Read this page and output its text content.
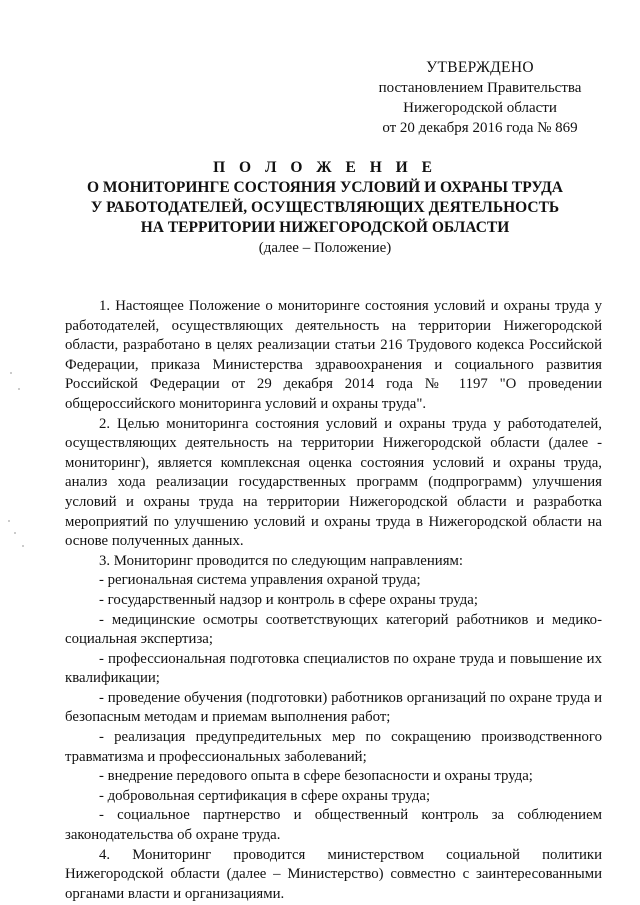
УТВЕРЖДЕНО
постановлением Правительства
Нижегородской области
от 20 декабря 2016 года № 869
П О Л О Ж Е Н И Е
О МОНИТОРИНГЕ СОСТОЯНИЯ УСЛОВИЙ И ОХРАНЫ ТРУДА
У РАБОТОДАТЕЛЕЙ, ОСУЩЕСТВЛЯЮЩИХ ДЕЯТЕЛЬНОСТЬ
НА ТЕРРИТОРИИ НИЖЕГОРОДСКОЙ ОБЛАСТИ
(далее – Положение)

1. Настоящее Положение о мониторинге состояния условий и охраны труда у работодателей, осуществляющих деятельность на территории Нижегородской области, разработано в целях реализации статьи 216 Трудового кодекса Российской Федерации, приказа Министерства здравоохранения и социального развития Российской Федерации от 29 декабря 2014 года № 1197 "О проведении общероссийского мониторинга условий и охраны труда".

2. Целью мониторинга состояния условий и охраны труда у работодателей, осуществляющих деятельность на территории Нижегородской области (далее - мониторинг), является комплексная оценка состояния условий и охраны труда, анализ хода реализации государственных программ (подпрограмм) улучшения условий и охраны труда на территории Нижегородской области и разработка мероприятий по улучшению условий и охраны труда в Нижегородской области на основе полученных данных.

3. Мониторинг проводится по следующим направлениям:

- региональная система управления охраной труда;

- государственный надзор и контроль в сфере охраны труда;

- медицинские осмотры соответствующих категорий работников и медико-социальная экспертиза;

- профессиональная подготовка специалистов по охране труда и повышение их квалификации;

- проведение обучения (подготовки) работников организаций по охране труда и безопасным методам и приемам выполнения работ;

- реализация предупредительных мер по сокращению производственного травматизма и профессиональных заболеваний;

- внедрение передового опыта в сфере безопасности и охраны труда;

- добровольная сертификация в сфере охраны труда;

- социальное партнерство и общественный контроль за соблюдением законодательства об охране труда.

4. Мониторинг проводится министерством социальной политики Нижегородской области (далее – Министерство) совместно с заинтересованными органами власти и организациями.
